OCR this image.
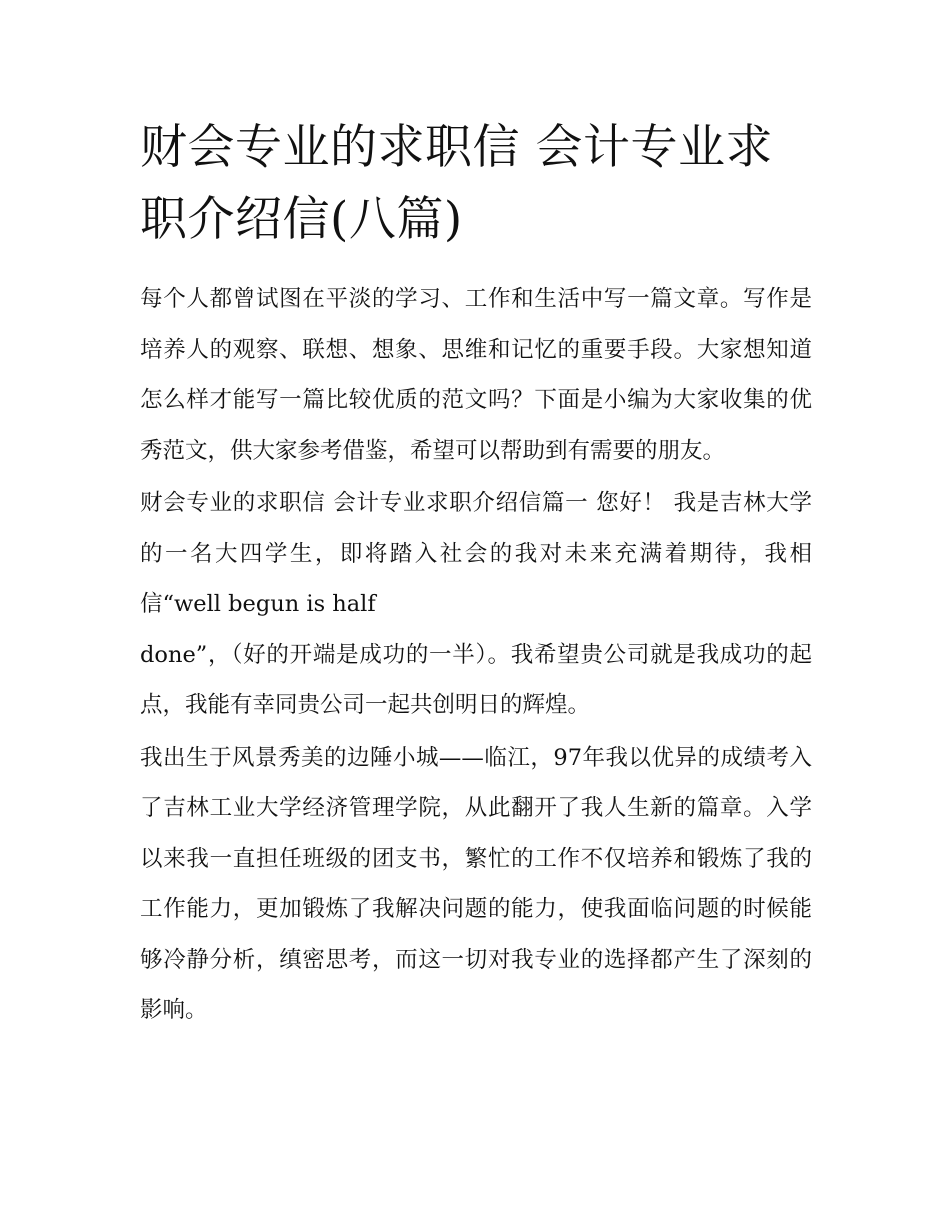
财会专业的求职信 会计专业求职介绍信(八篇)

每个人都曾试图在平淡的学习、工作和生活中写一篇文章。写作是培养人的观察、联想、想象、思维和记忆的重要手段。大家想知道怎么样才能写一篇比较优质的范文吗？下面是小编为大家收集的优秀范文，供大家参考借鉴，希望可以帮助到有需要的朋友。

财会专业的求职信 会计专业求职介绍信篇一 您好！ 我是吉林大学的一名大四学生，即将踏入社会的我对未来充满着期待，我相信“well begun is half

done”，（好的开端是成功的一半）。我希望贵公司就是我成功的起点，我能有幸同贵公司一起共创明日的辉煌。

我出生于风景秀美的边陲小城——临江，97年我以优异的成绩考入了吉林工业大学经济管理学院，从此翻开了我人生新的篇章。入学以来我一直担任班级的团支书，繁忙的工作不仅培养和锻炼了我的工作能力，更加锻炼了我解决问题的能力，使我面临问题的时候能够冷静分析，缜密思考，而这一切对我专业的选择都产生了深刻的影响。
